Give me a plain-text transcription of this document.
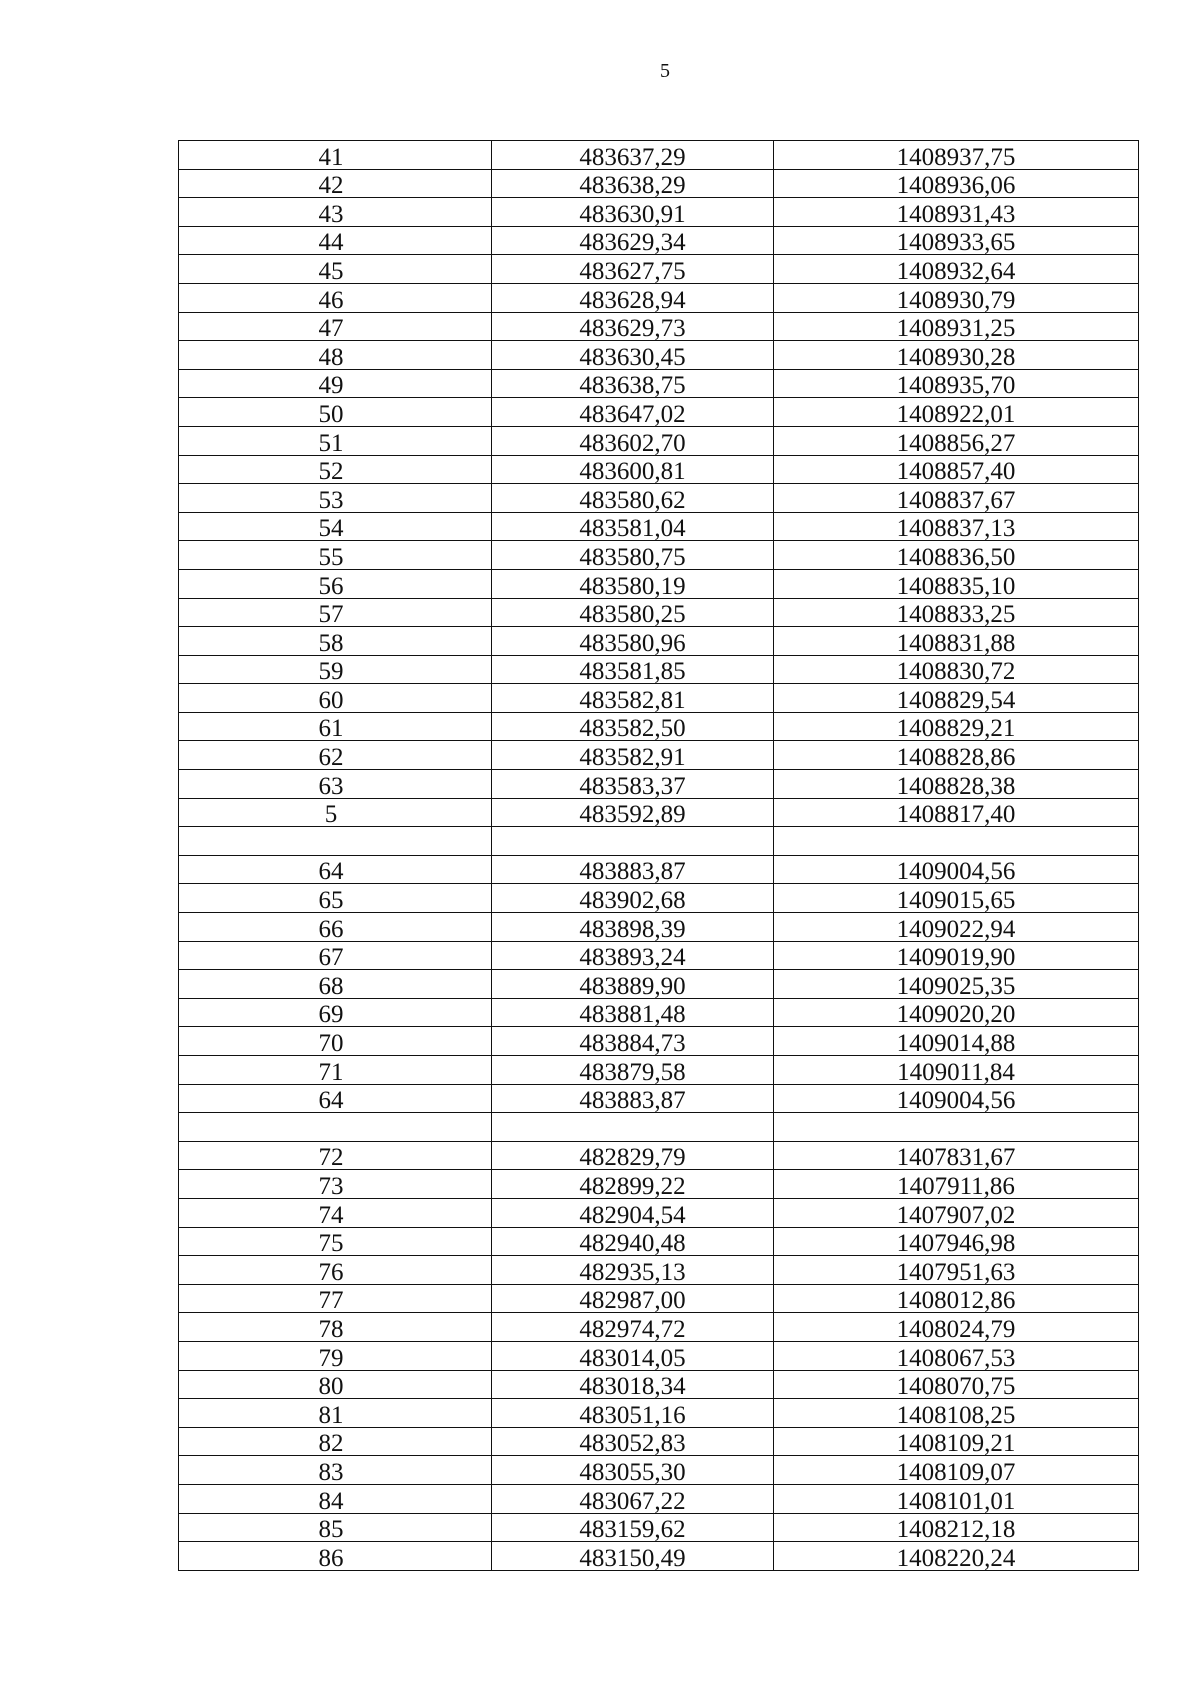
5
41	483637,29	1408937,75
42	483638,29	1408936,06
43	483630,91	1408931,43
44	483629,34	1408933,65
45	483627,75	1408932,64
46	483628,94	1408930,79
47	483629,73	1408931,25
48	483630,45	1408930,28
49	483638,75	1408935,70
50	483647,02	1408922,01
51	483602,70	1408856,27
52	483600,81	1408857,40
53	483580,62	1408837,67
54	483581,04	1408837,13
55	483580,75	1408836,50
56	483580,19	1408835,10
57	483580,25	1408833,25
58	483580,96	1408831,88
59	483581,85	1408830,72
60	483582,81	1408829,54
61	483582,50	1408829,21
62	483582,91	1408828,86
63	483583,37	1408828,38
5	483592,89	1408817,40

64	483883,87	1409004,56
65	483902,68	1409015,65
66	483898,39	1409022,94
67	483893,24	1409019,90
68	483889,90	1409025,35
69	483881,48	1409020,20
70	483884,73	1409014,88
71	483879,58	1409011,84
64	483883,87	1409004,56

72	482829,79	1407831,67
73	482899,22	1407911,86
74	482904,54	1407907,02
75	482940,48	1407946,98
76	482935,13	1407951,63
77	482987,00	1408012,86
78	482974,72	1408024,79
79	483014,05	1408067,53
80	483018,34	1408070,75
81	483051,16	1408108,25
82	483052,83	1408109,21
83	483055,30	1408109,07
84	483067,22	1408101,01
85	483159,62	1408212,18
86	483150,49	1408220,24
